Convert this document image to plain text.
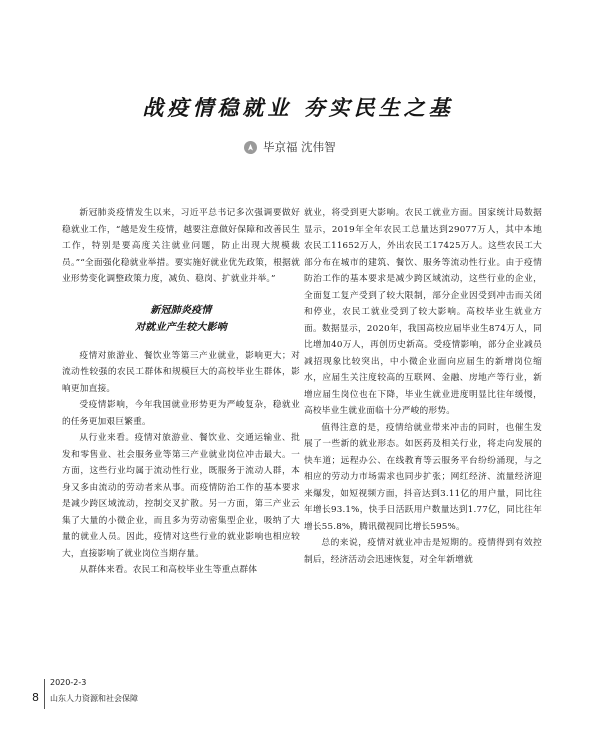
战疫情稳就业 夯实民生之基
毕京福 沈伟智

新冠肺炎疫情发生以来，习近平总书记多次强调要做好稳就业工作，“越是发生疫情，越要注意做好保障和改善民生工作，特别是要高度关注就业问题，防止出现大规模裁员。”“全面强化稳就业举措。要实施好就业优先政策，根据就业形势变化调整政策力度，减负、稳岗、扩就业并举。”

新冠肺炎疫情
对就业产生较大影响

疫情对旅游业、餐饮业等第三产业就业，影响更大；对流动性较强的农民工群体和规模巨大的高校毕业生群体，影响更加直接。

受疫情影响，今年我国就业形势更为严峻复杂，稳就业的任务更加艰巨繁重。

从行业来看。疫情对旅游业、餐饮业、交通运输业、批发和零售业、社会服务业等第三产业就业岗位冲击最大。一方面，这些行业均属于流动性行业，既服务于流动人群，本身又多由流动的劳动者来从事。而疫情防治工作的基本要求是减少跨区域流动，控制交叉扩散。另一方面，第三产业云集了大量的小微企业，而且多为劳动密集型企业，吸纳了大量的就业人员。因此，疫情对这些行业的就业影响也相应较大，直接影响了就业岗位当期存量。

从群体来看。农民工和高校毕业生等重点群体

就业，将受到更大影响。农民工就业方面。国家统计局数据显示，2019年全年农民工总量达到29077万人，其中本地农民工11652万人，外出农民工17425万人。这些农民工大部分布在城市的建筑、餐饮、服务等流动性行业。由于疫情防治工作的基本要求是减少跨区域流动，这些行业的企业，全面复工复产受到了较大限制，部分企业因受到冲击而关闭和停业，农民工就业受到了较大影响。高校毕业生就业方面。数据显示，2020年，我国高校应届毕业生874万人，同比增加40万人，再创历史新高。受疫情影响，部分企业减员减招现象比较突出，中小微企业面向应届生的新增岗位缩水，应届生关注度较高的互联网、金融、房地产等行业，新增应届生岗位也在下降，毕业生就业进度明显比往年缓慢，高校毕业生就业面临十分严峻的形势。

值得注意的是，疫情给就业带来冲击的同时，也催生发展了一些新的就业形态。如医药及相关行业，将走向发展的快车道；远程办公、在线教育等云服务平台纷纷涌现，与之相应的劳动力市场需求也同步扩张；网红经济、流量经济迎来爆发，如短视频方面，抖音达到3.11亿的用户量，同比往年增长93.1%，快手日活跃用户数量达到1.77亿，同比往年增长55.8%，腾讯微视同比增长595%。

总的来说，疫情对就业冲击是短期的。疫情得到有效控制后，经济活动会迅速恢复，对全年新增就

8
2020-2-3
山东人力资源和社会保障
